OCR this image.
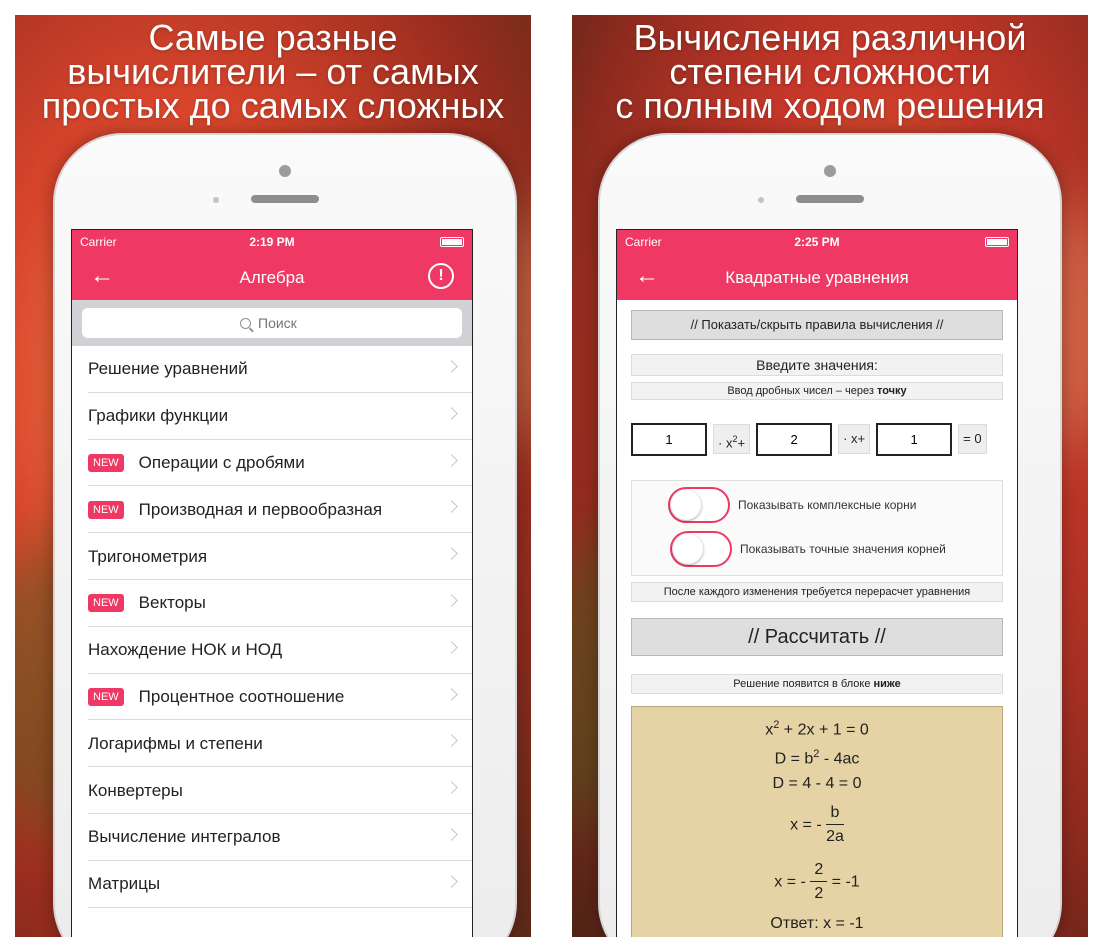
Самые разные
вычислители – от самых
простых до самых сложных
Carrier	2:19 PM
←	Алгебра	!
Поиск
Решение уравнений
Графики функции
NEW Операции с дробями
NEW Производная и первообразная
Тригонометрия
NEW Векторы
Нахождение НОК и НОД
NEW Процентное соотношение
Логарифмы и степени
Конвертеры
Вычисление интегралов
Матрицы
Вычисления различной
степени сложности
с полным ходом решения
Carrier	2:25 PM
←	Квадратные уравнения
// Показать/скрыть правила вычисления //
Введите значения:
Ввод дробных чисел – через точку
1
· $x^2+$
2	· x+
1	= 0
Показывать комплексные корни
Показывать точные значения корней
После каждого изменения требуется перерасчет уравнения
// Рассчитать //
Решение появится в блоке ниже
$x^2 + 2x + 1 = 0$
$D = b^2 - 4ac$
D = 4 - 4 = 0
x = - $\frac{b}{2a}$
x = - $\frac{2}{2} = -1$
Ответ: x = -1
